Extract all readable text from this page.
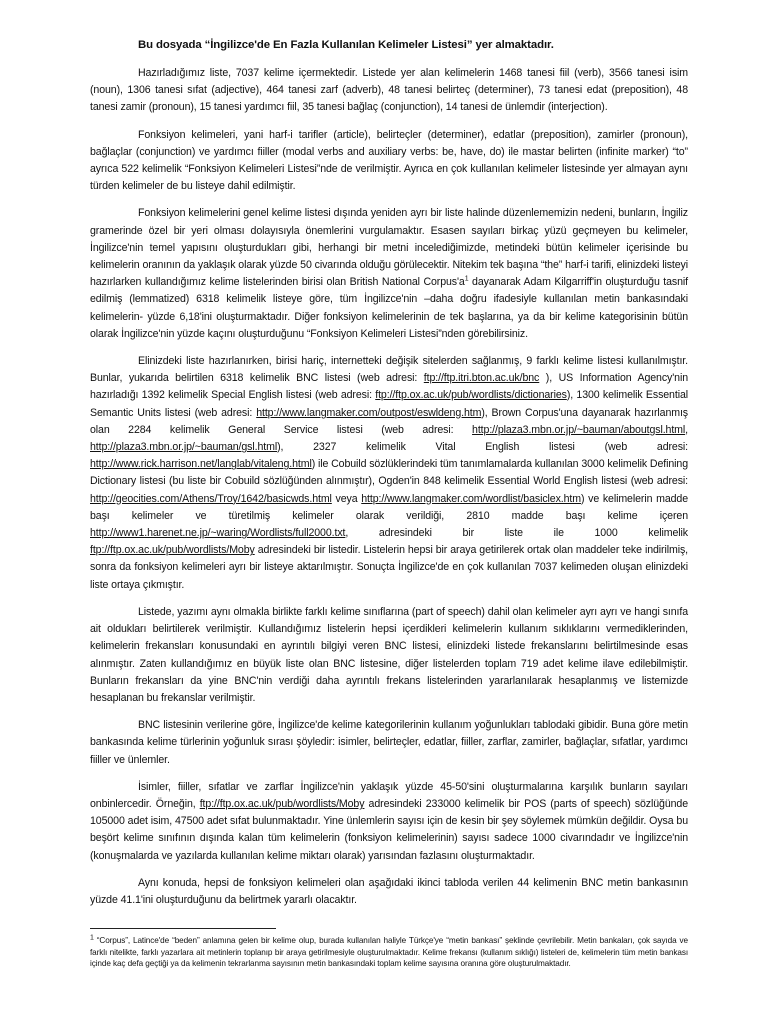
Bu dosyada “İngilizce'de En Fazla Kullanılan Kelimeler Listesi” yer almaktadır.

Hazırladığımız liste, 7037 kelime içermektedir. Listede yer alan kelimelerin 1468 tanesi fiil (verb), 3566 tanesi isim (noun), 1306 tanesi sıfat (adjective), 464 tanesi zarf (adverb), 48 tanesi belirteç (determiner), 73 tanesi edat (preposition), 48 tanesi zamir (pronoun), 15 tanesi yardımcı fiil, 35 tanesi bağlaç (conjunction), 14 tanesi de ünlemdir (interjection).

Fonksiyon kelimeleri, yani harf-i tarifler (article), belirteçler (determiner), edatlar (preposition), zamirler (pronoun), bağlaçlar (conjunction) ve yardımcı fiiller (modal verbs and auxiliary verbs: be, have, do) ile mastar belirten (infinite marker) “to” ayrıca 522 kelimelik “Fonksiyon Kelimeleri Listesi”nde de verilmiştir. Ayrıca en çok kullanılan kelimeler listesinde yer almayan aynı türden kelimeler de bu listeye dahil edilmiştir.

Fonksiyon kelimelerini genel kelime listesi dışında yeniden ayrı bir liste halinde düzenlememizin nedeni, bunların, İngiliz gramerinde özel bir yeri olması dolayısıyla önemlerini vurgulamaktır. Esasen sayıları birkaç yüzü geçmeyen bu kelimeler, İngilizce'nin temel yapısını oluşturdukları gibi, herhangi bir metni incelediğimizde, metindeki bütün kelimeler içerisinde bu kelimelerin oranının da yaklaşık olarak yüzde 50 civarında olduğu görülecektir. Nitekim tek başına “the” harf-i tarifi, elinizdeki listeyi hazırlarken kullandığımız kelime listelerinden birisi olan British National $Corpus'a^1$ dayanarak Adam Kilgarriff'in oluşturduğu tasnif edilmiş (lemmatized) 6318 kelimelik listeye göre, tüm İngilizce'nin –daha doğru ifadesiyle kullanılan metin bankasındaki kelimelerin- yüzde 6,18'ini oluşturmaktadır. Diğer fonksiyon kelimelerinin de tek başlarına, ya da bir kelime kategorisinin bütün olarak İngilizce'nin yüzde kaçını oluşturduğunu “Fonksiyon Kelimeleri Listesi”nden görebilirsiniz.

Elinizdeki liste hazırlanırken, birisi hariç, internetteki değişik sitelerden sağlanmış, 9 farklı kelime listesi kullanılmıştır. Bunlar, yukarıda belirtilen 6318 kelimelik BNC listesi (web adresi: ftp://ftp.itri.bton.ac.uk/bnc ), US Information Agency'nin hazırladığı 1392 kelimelik Special English listesi (web adresi: ftp://ftp.ox.ac.uk/pub/wordlists/dictionaries), 1300 kelimelik Essential Semantic Units listesi (web adresi: http://www.langmaker.com/outpost/eswldeng.htm), Brown Corpus'una dayanarak hazırlanmış olan 2284 kelimelik General Service listesi (web adresi: http://plaza3.mbn.or.jp/~bauman/aboutgsl.html, http://plaza3.mbn.or.jp/~bauman/gsl.html), 2327 kelimelik Vital English listesi (web adresi: http://www.rick.harrison.net/langlab/vitaleng.html) ile Cobuild sözlüklerindeki tüm tanımlamalarda kullanılan 3000 kelimelik Defining Dictionary listesi (bu liste bir Cobuild sözlüğünden alınmıştır), Ogden'in 848 kelimelik Essential World English listesi (web adresi: http://geocities.com/Athens/Troy/1642/basicwds.html veya http://www.langmaker.com/wordlist/basiclex.htm) ve kelimelerin madde başı kelimeler ve türetilmiş kelimeler olarak verildiği, 2810 madde başı kelime içeren http://www1.harenet.ne.jp/~waring/Wordlists/full2000.txt, adresindeki bir liste ile 1000 kelimelik ftp://ftp.ox.ac.uk/pub/wordlists/Moby adresindeki bir listedir. Listelerin hepsi bir araya getirilerek ortak olan maddeler teke indirilmiş, sonra da fonksiyon kelimeleri ayrı bir listeye aktarılmıştır. Sonuçta İngilizce'de en çok kullanılan 7037 kelimeden oluşan elinizdeki liste ortaya çıkmıştır.

Listede, yazımı aynı olmakla birlikte farklı kelime sınıflarına (part of speech) dahil olan kelimeler ayrı ayrı ve hangi sınıfa ait oldukları belirtilerek verilmiştir. Kullandığımız listelerin hepsi içerdikleri kelimelerin kullanım sıklıklarını vermediklerinden, kelimelerin frekansları konusundaki en ayrıntılı bilgiyi veren BNC listesi, elinizdeki listede frekanslarını belirtilmesinde esas alınmıştır. Zaten kullandığımız en büyük liste olan BNC listesine, diğer listelerden toplam 719 adet kelime ilave edilebilmiştir. Bunların frekansları da yine BNC'nin verdiği daha ayrıntılı frekans listelerinden yararlanılarak hesaplanmış ve listemizde hesaplanan bu frekanslar verilmiştir.

BNC listesinin verilerine göre, İngilizce'de kelime kategorilerinin kullanım yoğunlukları tablodaki gibidir. Buna göre metin bankasında kelime türlerinin yoğunluk sırası şöyledir: isimler, belirteçler, edatlar, fiiller, zarflar, zamirler, bağlaçlar, sıfatlar, yardımcı fiiller ve ünlemler.

İsimler, fiiller, sıfatlar ve zarflar İngilizce'nin yaklaşık yüzde 45-50'sini oluşturmalarına karşılık bunların sayıları onbinlercedir. Örneğin, ftp://ftp.ox.ac.uk/pub/wordlists/Moby adresindeki 233000 kelimelik bir POS (parts of speech) sözlüğünde 105000 adet isim, 47500 adet sıfat bulunmaktadır. Yine ünlemlerin sayısı için de kesin bir şey söylemek mümkün değildir. Oysa bu beşört kelime sınıfının dışında kalan tüm kelimelerin (fonksiyon kelimelerinin) sayısı sadece 1000 civarındadır ve İngilizce'nin (konuşmalarda ve yazılarda kullanılan kelime miktarı olarak) yarısından fazlasını oluşturmaktadır.

Aynı konuda, hepsi de fonksiyon kelimeleri olan aşağıdaki ikinci tabloda verilen 44 kelimenin BNC metin bankasının yüzde 41.1'ini oluşturduğunu da belirtmek yararlı olacaktır.

$^1$ “Corpus”, Latince'de “beden” anlamına gelen bir kelime olup, burada kullanılan haliyle Türkçe'ye “metin bankası” şeklinde çevrilebilir. Metin bankaları, çok sayıda ve farklı nitelikte, farklı yazarlara ait metinlerin toplanıp bir araya getirilmesiyle oluşturulmaktadır. Kelime frekansı (kullanım sıklığı) listeleri de, kelimelerin tüm metin bankası içinde kaç defa geçtiği ya da kelimenin tekrarlanma sayısının metin bankasındaki toplam kelime sayısına oranına göre oluşturulmaktadır.
